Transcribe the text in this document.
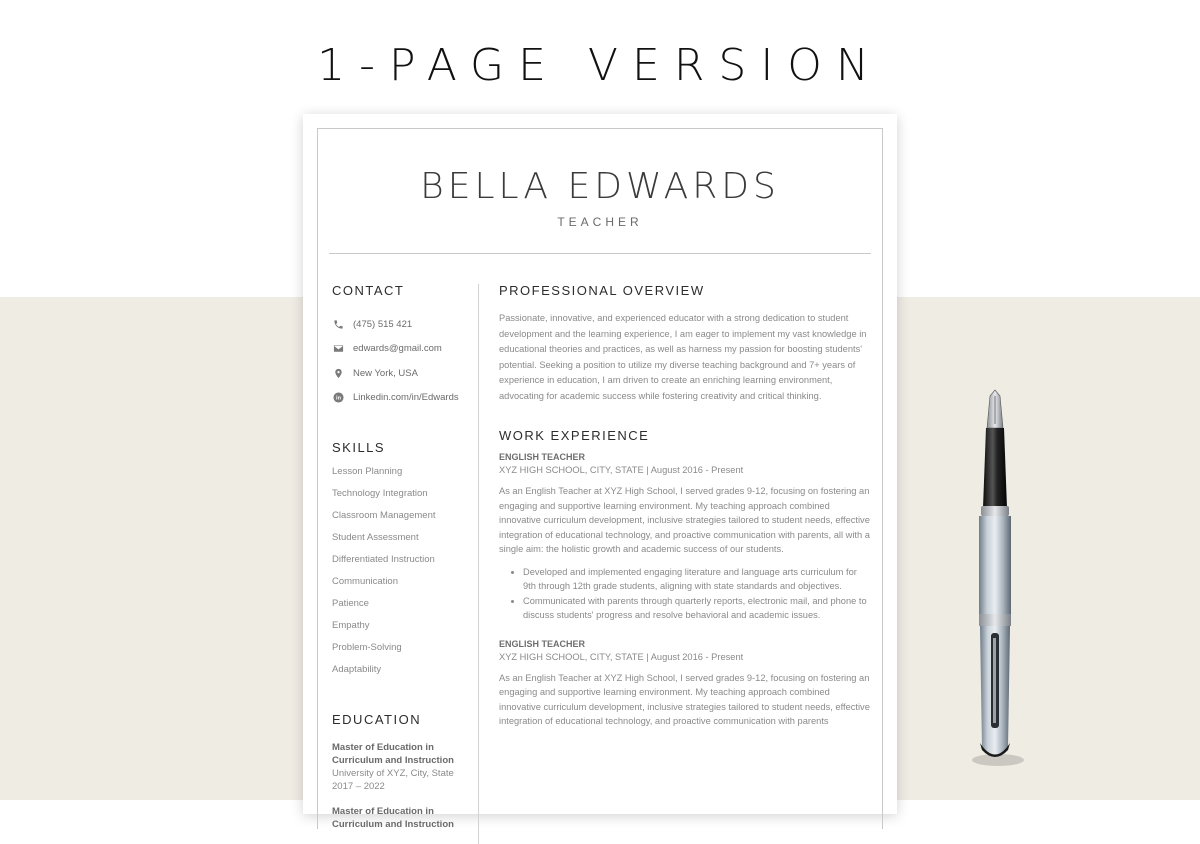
1-PAGE VERSION
BELLA EDWARDS
TEACHER
CONTACT
(475) 515 421
edwards@gmail.com
New York, USA
in Linkedin.com/in/Edwards
SKILLS
Lesson Planning
Technology Integration
Classroom Management
Student Assessment
Differentiated Instruction
Communication
Patience
Empathy
Problem-Solving
Adaptability
EDUCATION
Master of Education in Curriculum and Instruction
University of XYZ, City, State
2017 – 2022
Master of Education in Curriculum and Instruction
PROFESSIONAL OVERVIEW
Passionate, innovative, and experienced educator with a strong dedication to student development and the learning experience, I am eager to implement my vast knowledge in educational theories and practices, as well as harness my passion for boosting students' potential. Seeking a position to utilize my diverse teaching background and 7+ years of experience in education, I am driven to create an enriching learning environment, advocating for academic success while fostering creativity and critical thinking.
WORK EXPERIENCE
ENGLISH TEACHER
XYZ HIGH SCHOOL, CITY, STATE | August 2016 - Present
As an English Teacher at XYZ High School, I served grades 9-12, focusing on fostering an engaging and supportive learning environment. My teaching approach combined innovative curriculum development, inclusive strategies tailored to student needs, effective integration of educational technology, and proactive communication with parents, all with a single aim: the holistic growth and academic success of our students.
• Developed and implemented engaging literature and language arts curriculum for 9th through 12th grade students, aligning with state standards and objectives.
• Communicated with parents through quarterly reports, electronic mail, and phone to discuss students' progress and resolve behavioral and academic issues.
ENGLISH TEACHER
XYZ HIGH SCHOOL, CITY, STATE | August 2016 - Present
As an English Teacher at XYZ High School, I served grades 9-12, focusing on fostering an engaging and supportive learning environment. My teaching approach combined innovative curriculum development, inclusive strategies tailored to student needs, effective integration of educational technology, and proactive communication with parents
